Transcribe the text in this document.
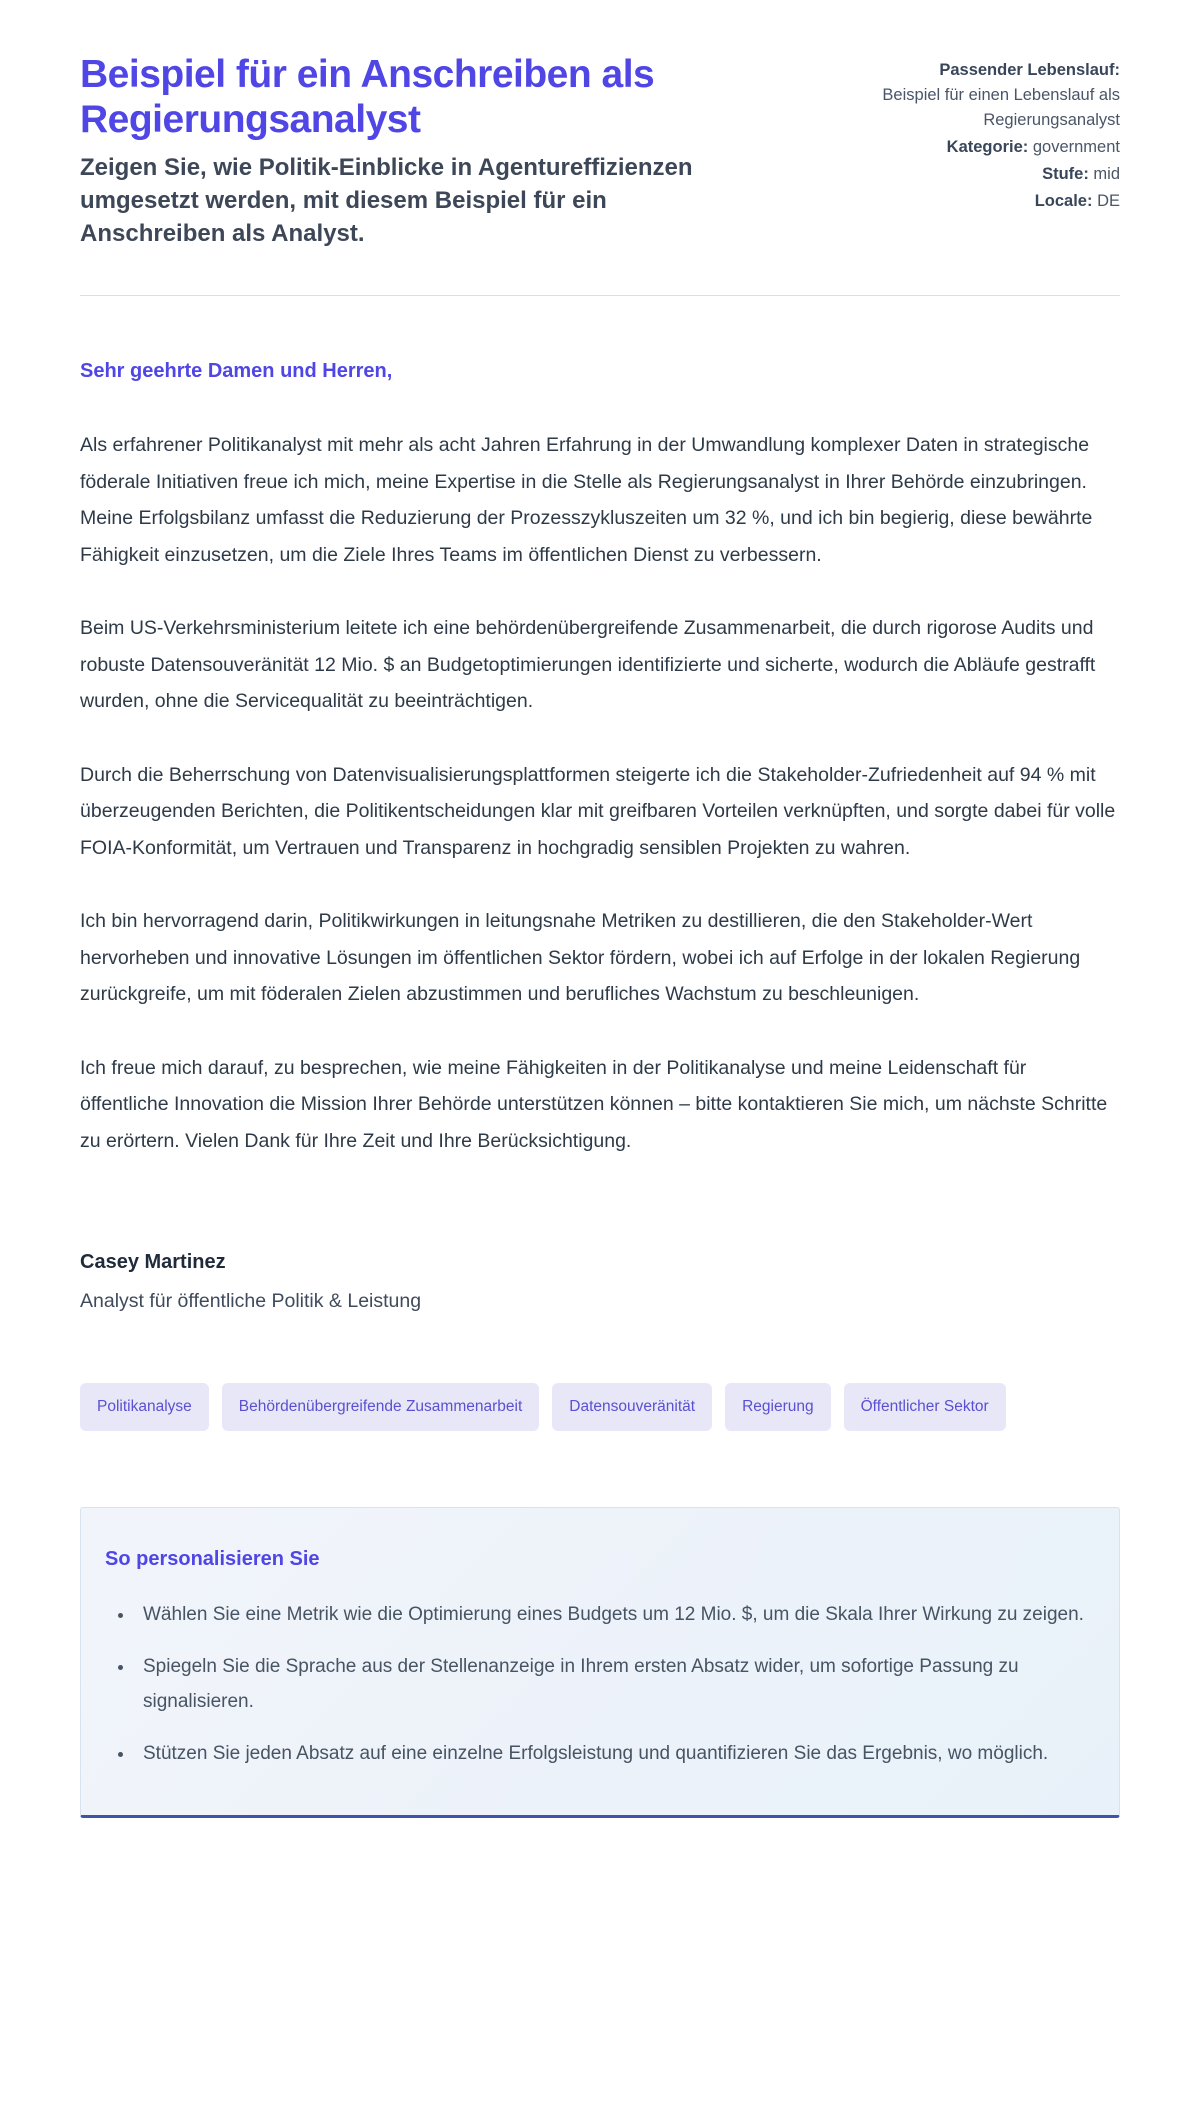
Beispiel für ein Anschreiben als Regierungsanalyst

Zeigen Sie, wie Politik-Einblicke in Agentureffizienzen umgesetzt werden, mit diesem Beispiel für ein Anschreiben als Analyst.

Passender Lebenslauf:
Beispiel für einen Lebenslauf als Regierungsanalyst
Kategorie: government
Stufe: mid
Locale: DE

Sehr geehrte Damen und Herren,

Als erfahrener Politikanalyst mit mehr als acht Jahren Erfahrung in der Umwandlung komplexer Daten in strategische föderale Initiativen freue ich mich, meine Expertise in die Stelle als Regierungsanalyst in Ihrer Behörde einzubringen. Meine Erfolgsbilanz umfasst die Reduzierung der Prozesszykluszeiten um 32 %, und ich bin begierig, diese bewährte Fähigkeit einzusetzen, um die Ziele Ihres Teams im öffentlichen Dienst zu verbessern.

Beim US-Verkehrsministerium leitete ich eine behördenübergreifende Zusammenarbeit, die durch rigorose Audits und robuste Datensouveränität 12 Mio. $ an Budgetoptimierungen identifizierte und sicherte, wodurch die Abläufe gestrafft wurden, ohne die Servicequalität zu beeinträchtigen.

Durch die Beherrschung von Datenvisualisierungsplattformen steigerte ich die Stakeholder-Zufriedenheit auf 94 % mit überzeugenden Berichten, die Politikentscheidungen klar mit greifbaren Vorteilen verknüpften, und sorgte dabei für volle FOIA-Konformität, um Vertrauen und Transparenz in hochgradig sensiblen Projekten zu wahren.

Ich bin hervorragend darin, Politikwirkungen in leitungsnahe Metriken zu destillieren, die den Stakeholder-Wert hervorheben und innovative Lösungen im öffentlichen Sektor fördern, wobei ich auf Erfolge in der lokalen Regierung zurückgreife, um mit föderalen Zielen abzustimmen und berufliches Wachstum zu beschleunigen.

Ich freue mich darauf, zu besprechen, wie meine Fähigkeiten in der Politikanalyse und meine Leidenschaft für öffentliche Innovation die Mission Ihrer Behörde unterstützen können – bitte kontaktieren Sie mich, um nächste Schritte zu erörtern. Vielen Dank für Ihre Zeit und Ihre Berücksichtigung.

Casey Martinez

Analyst für öffentliche Politik & Leistung

Politikanalyse	Behördenübergreifende Zusammenarbeit	Datensouveränität	Regierung	Öffentlicher Sektor
So personalisieren Sie
• Wählen Sie eine Metrik wie die Optimierung eines Budgets um 12 Mio. $, um die Skala Ihrer Wirkung zu zeigen.
• Spiegeln Sie die Sprache aus der Stellenanzeige in Ihrem ersten Absatz wider, um sofortige Passung zu signalisieren.
• Stützen Sie jeden Absatz auf eine einzelne Erfolgsleistung und quantifizieren Sie das Ergebnis, wo möglich.
